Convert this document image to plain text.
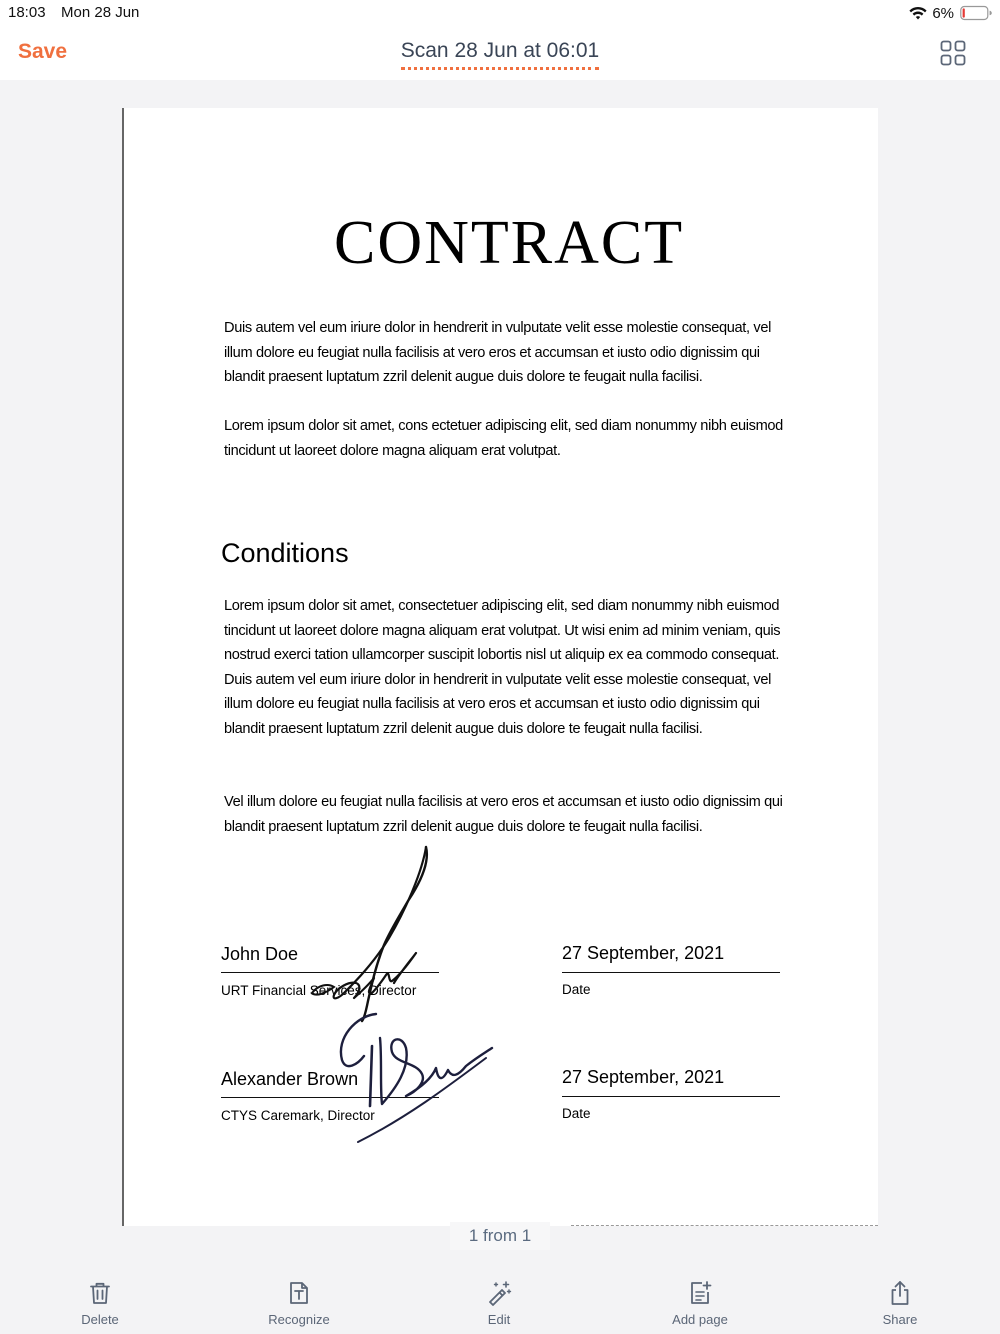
18:03 Mon 28 Jun	6%
Save	Scan 28 Jun at 06:01
CONTRACT
Duis autem vel eum iriure dolor in hendrerit in vulputate velit esse molestie consequat, vel illum dolore eu feugiat nulla facilisis at vero eros et accumsan et iusto odio dignissim qui blandit praesent luptatum zzril delenit augue duis dolore te feugait nulla facilisi.
Lorem ipsum dolor sit amet, cons ectetuer adipiscing elit, sed diam nonummy nibh euismod tincidunt ut laoreet dolore magna aliquam erat volutpat.
Conditions
Lorem ipsum dolor sit amet, consectetuer adipiscing elit, sed diam nonummy nibh euismod tincidunt ut laoreet dolore magna aliquam erat volutpat. Ut wisi enim ad minim veniam, quis nostrud exerci tation ullamcorper suscipit lobortis nisl ut aliquip ex ea commodo consequat. Duis autem vel eum iriure dolor in hendrerit in vulputate velit esse molestie consequat, vel illum dolore eu feugiat nulla facilisis at vero eros et accumsan et iusto odio dignissim qui blandit praesent luptatum zzril delenit augue duis dolore te feugait nulla facilisi.
Vel illum dolore eu feugiat nulla facilisis at vero eros et accumsan et iusto odio dignissim qui blandit praesent luptatum zzril delenit augue duis dolore te feugait nulla facilisi.
John Doe
URT Financial Services, Director
27 September, 2021
Date
Alexander Brown
CTYS Caremark, Director
27 September, 2021
Date
1 from 1
Delete	Recognize	Edit	Add page	Share
